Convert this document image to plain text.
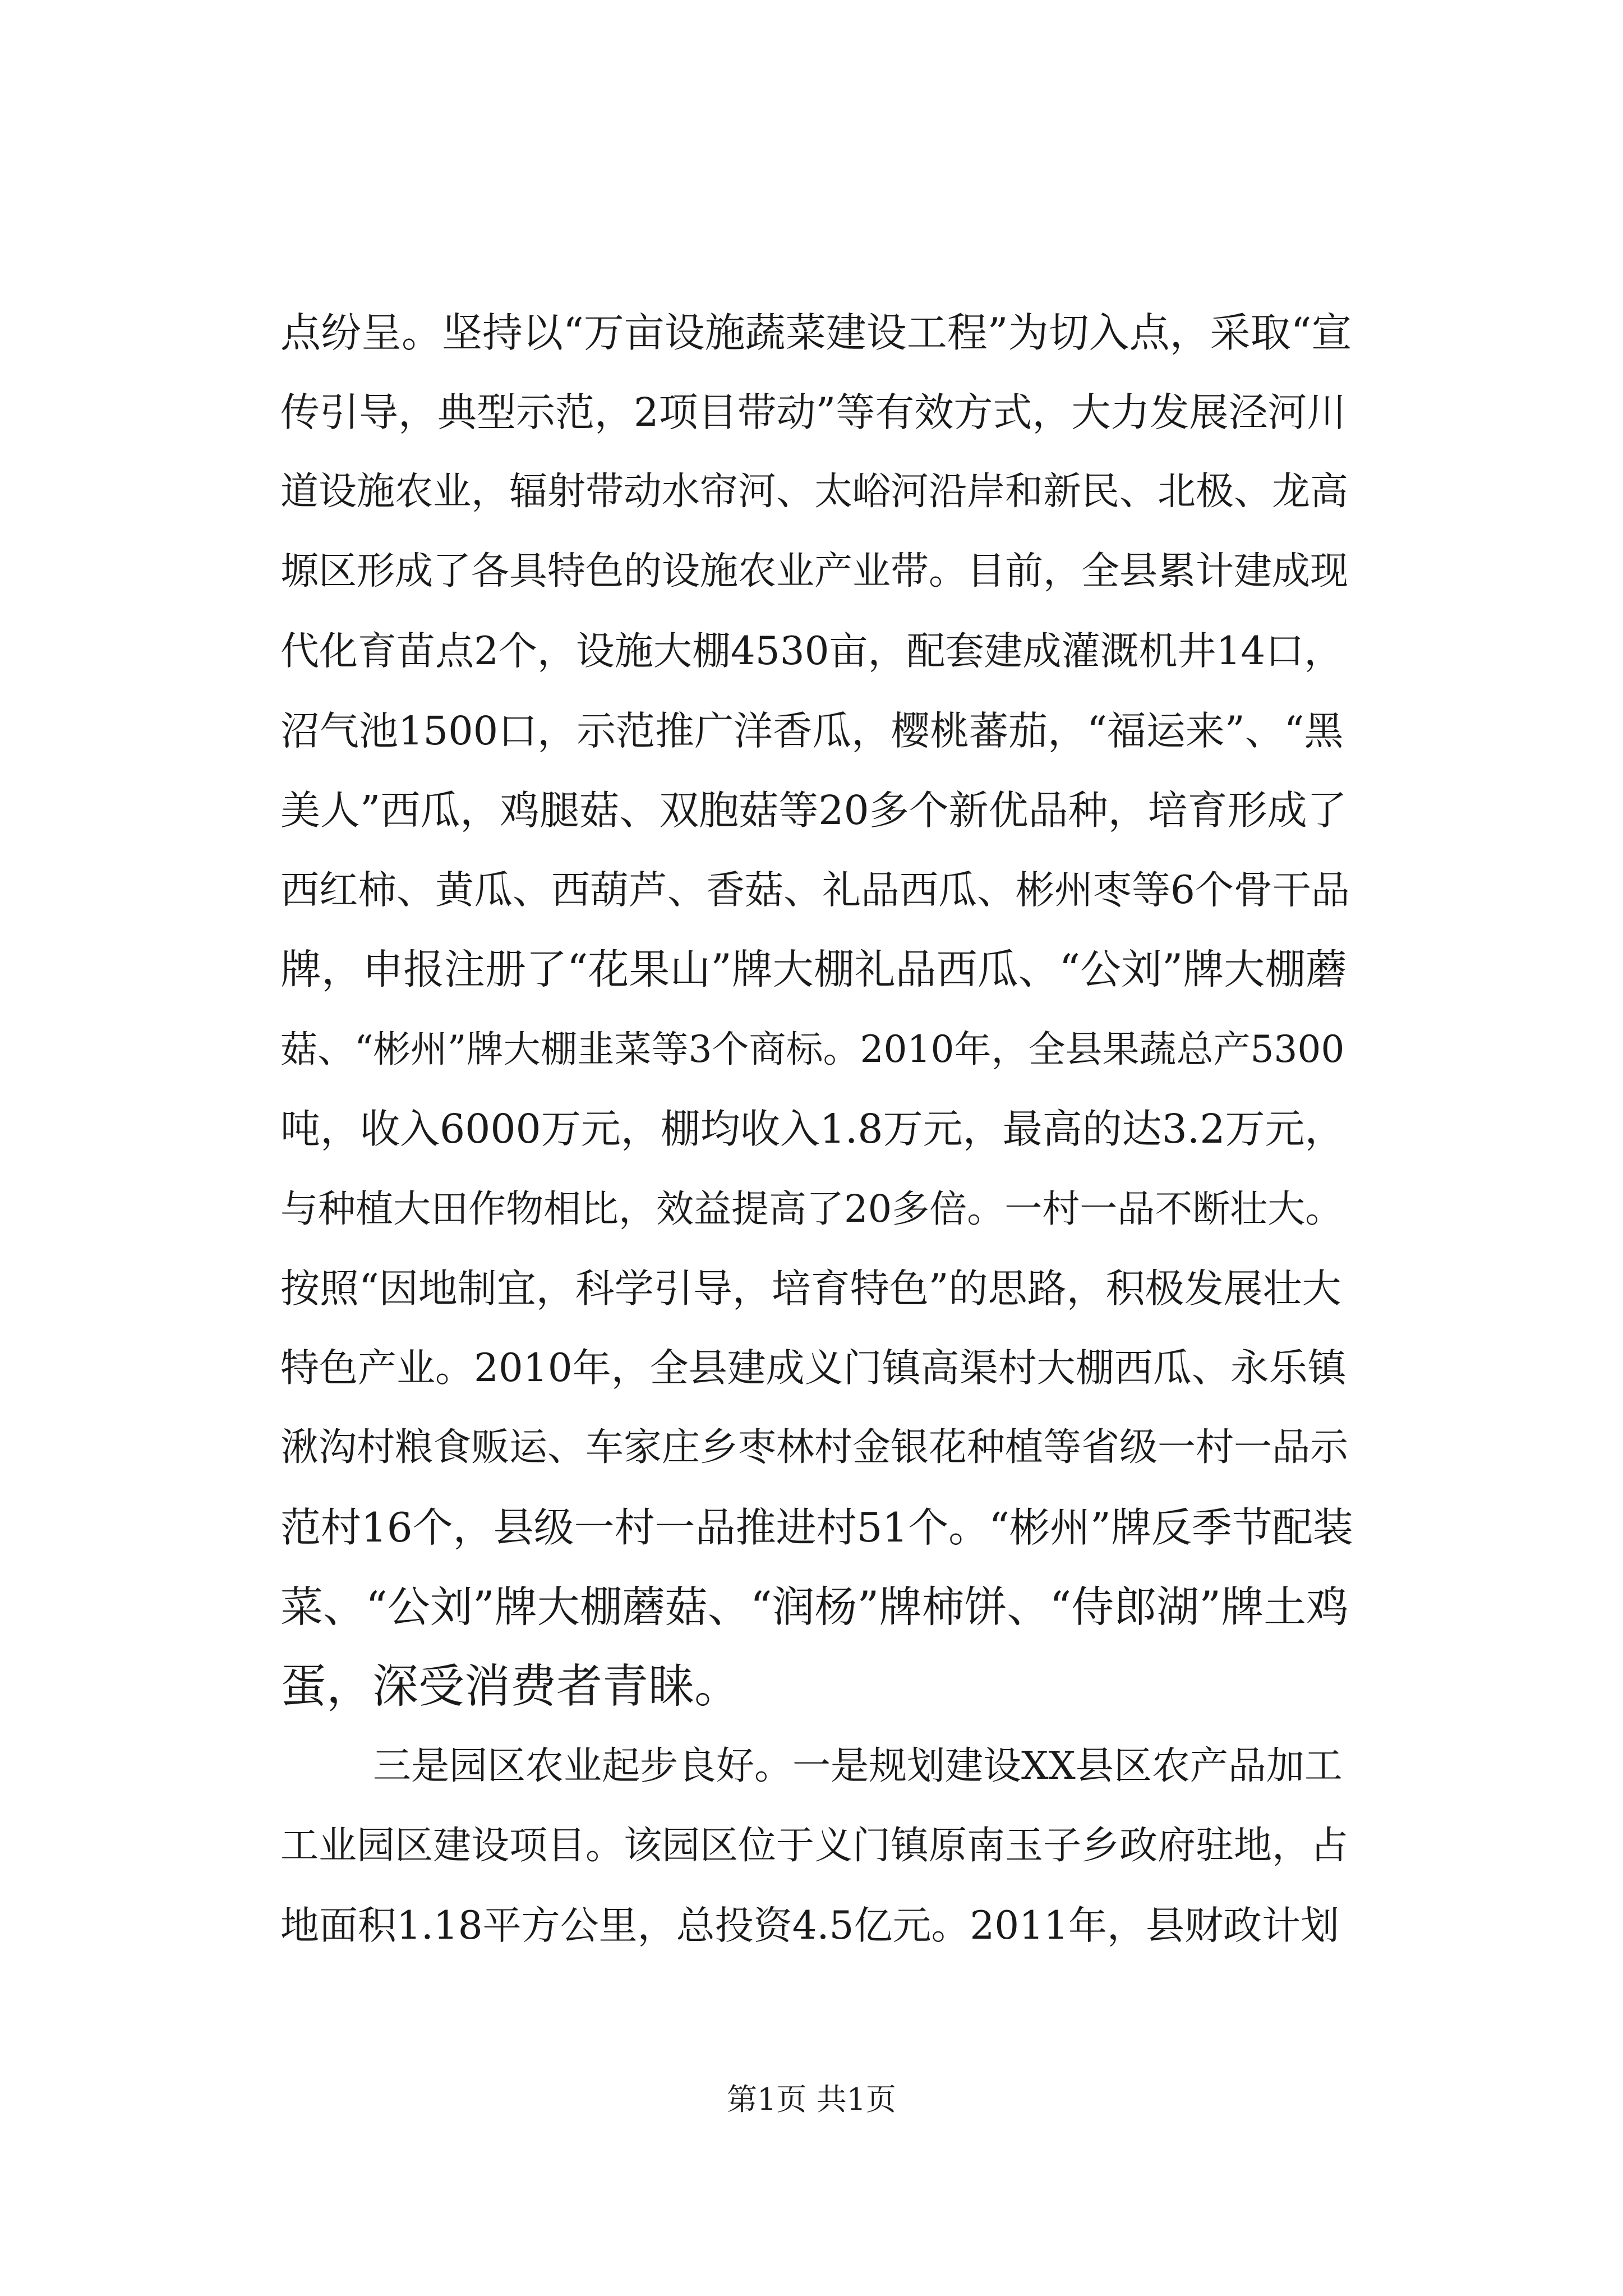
点纷呈。坚持以“万亩设施蔬菜建设工程”为切入点，采取“宣

传引导，典型示范，2项目带动”等有效方式，大力发展泾河川

道设施农业，辐射带动水帘河、太峪河沿岸和新民、北极、龙高

塬区形成了各具特色的设施农业产业带。目前，全县累计建成现

代化育苗点2个，设施大棚4530亩，配套建成灌溉机井14口，

沼气池1500口，示范推广洋香瓜，樱桃蕃茄，“福运来”、“黑

美人”西瓜，鸡腿菇、双胞菇等20多个新优品种，培育形成了

西红柿、黄瓜、西葫芦、香菇、礼品西瓜、彬州枣等6个骨干品

牌，申报注册了“花果山”牌大棚礼品西瓜、“公刘”牌大棚蘑

菇、“彬州”牌大棚韭菜等3个商标。2010年，全县果蔬总产5300

吨，收入6000万元，棚均收入1.8万元，最高的达3.2万元，

与种植大田作物相比，效益提高了20多倍。一村一品不断壮大。

按照“因地制宜，科学引导，培育特色”的思路，积极发展壮大

特色产业。2010年，全县建成义门镇高渠村大棚西瓜、永乐镇

湫沟村粮食贩运、车家庄乡枣林村金银花种植等省级一村一品示

范村16个，县级一村一品推进村51个。“彬州”牌反季节配装

菜、“公刘”牌大棚蘑菇、“润杨”牌柿饼、“侍郎湖”牌土鸡

蛋，深受消费者青睐。

三是园区农业起步良好。一是规划建设XX县区农产品加工

工业园区建设项目。该园区位于义门镇原南玉子乡政府驻地，占

地面积1.18平方公里，总投资4.5亿元。2011年，县财政计划

第1页 共1页
